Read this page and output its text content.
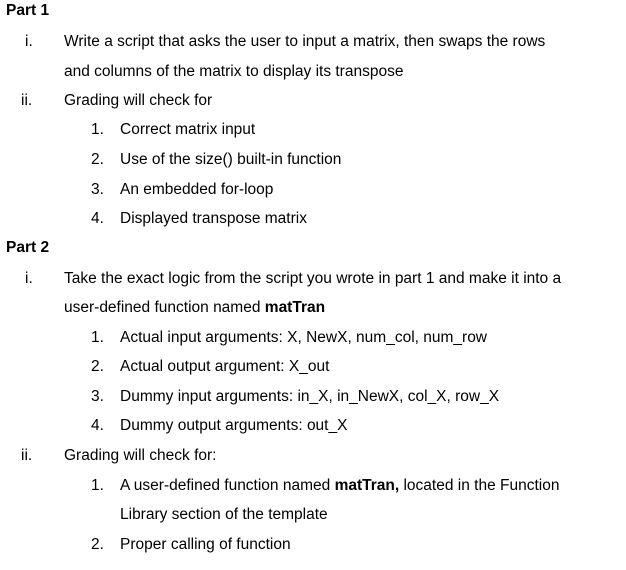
Part 1
i. Write a script that asks the user to input a matrix, then swaps the rows
and columns of the matrix to display its transpose
ii. Grading will check for
1. Correct matrix input
2. Use of the size() built-in function
3. An embedded for-loop
4. Displayed transpose matrix
Part 2
i. Take the exact logic from the script you wrote in part 1 and make it into a
user-defined function named matTran
1. Actual input arguments: X, NewX, num_col, num_row
2. Actual output argument: X_out
3. Dummy input arguments: in_X, in_NewX, col_X, row_X
4. Dummy output arguments: out_X
ii. Grading will check for:
1. A user-defined function named matTran, located in the Function
Library section of the template
2. Proper calling of function
